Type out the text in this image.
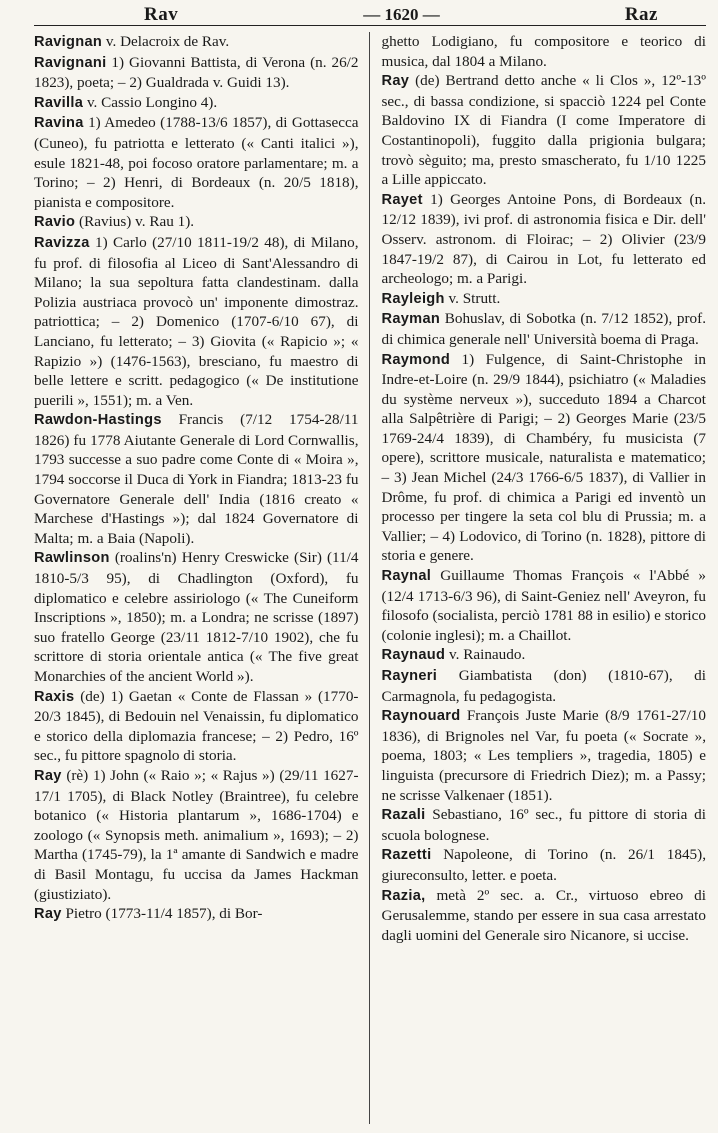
Rav	— 1620 —	Raz

Ravignan v. Delacroix de Rav.

Ravignani 1) Giovanni Battista, di Verona (n. 26/2 1823), poeta; – 2) Gualdrada v. Guidi 13).

Ravilla v. Cassio Longino 4).

Ravina 1) Amedeo (1788-13/6 1857), di Gottasecca (Cuneo), fu patriotta e letterato (« Canti italici »), esule 1821-48, poi focoso oratore parlamentare; m. a Torino; – 2) Henri, di Bordeaux (n. 20/5 1818), pianista e compositore.

Ravio (Ravius) v. Rau 1).

Ravizza 1) Carlo (27/10 1811-19/2 48), di Milano, fu prof. di filosofia al Liceo di Sant'Alessandro di Milano; la sua sepoltura fatta clandestinam. dalla Polizia austriaca provocò un' imponente dimostraz. patriottica; – 2) Domenico (1707-6/10 67), di Lanciano, fu letterato; – 3) Giovita (« Rapicio »; « Rapizio ») (1476-1563), bresciano, fu maestro di belle lettere e scritt. pedagogico (« De institutione puerili », 1551); m. a Ven.

Rawdon-Hastings Francis (7/12 1754-28/11 1826) fu 1778 Aiutante Generale di Lord Cornwallis, 1793 successe a suo padre come Conte di « Moira », 1794 soccorse il Duca di York in Fiandra; 1813-23 fu Governatore Generale dell' India (1816 creato « Marchese d'Hastings »); dal 1824 Governatore di Malta; m. a Baia (Napoli).

Rawlinson (roalins'n) Henry Creswicke (Sir) (11/4 1810-5/3 95), di Chadlington (Oxford), fu diplomatico e celebre assiriologo (« The Cuneiform Inscriptions », 1850); m. a Londra; ne scrisse (1897) suo fratello George (23/11 1812-7/10 1902), che fu scrittore di storia orientale antica (« The five great Monarchies of the ancient World »).

Raxis (de) 1) Gaetan « Conte de Flassan » (1770-20/3 1845), di Bedouin nel Venaissin, fu diplomatico e storico della diplomazia francese; – 2) Pedro, 16º sec., fu pittore spagnolo di storia.

Ray (rè) 1) John (« Raio »; « Rajus ») (29/11 1627-17/1 1705), di Black Notley (Braintree), fu celebre botanico (« Historia plantarum », 1686-1704) e zoologo (« Synopsis meth. animalium », 1693); – 2) Martha (1745-79), la 1ª amante di Sandwich e madre di Basil Montagu, fu uccisa da James Hackman (giustiziato).

Ray Pietro (1773-11/4 1857), di Bor-

ghetto Lodigiano, fu compositore e teorico di musica, dal 1804 a Milano.

Ray (de) Bertrand detto anche « li Clos », 12º-13º sec., di bassa condizione, si spacciò 1224 pel Conte Baldovino IX di Fiandra (I come Imperatore di Costantinopoli), fuggito dalla prigionia bulgara; trovò sèguito; ma, presto smascherato, fu 1/10 1225 a Lille appiccato.

Rayet 1) Georges Antoine Pons, di Bordeaux (n. 12/12 1839), ivi prof. di astronomia fisica e Dir. dell' Osserv. astronom. di Floirac; – 2) Olivier (23/9 1847-19/2 87), di Cairou in Lot, fu letterato ed archeologo; m. a Parigi.

Rayleigh v. Strutt.

Rayman Bohuslav, di Sobotka (n. 7/12 1852), prof. di chimica generale nell' Università boema di Praga.

Raymond 1) Fulgence, di Saint-Christophe in Indre-et-Loire (n. 29/9 1844), psichiatro (« Maladies du système nerveux »), succeduto 1894 a Charcot alla Salpêtrière di Parigi; – 2) Georges Marie (23/5 1769-24/4 1839), di Chambéry, fu musicista (7 opere), scrittore musicale, naturalista e matematico; – 3) Jean Michel (24/3 1766-6/5 1837), di Vallier in Drôme, fu prof. di chimica a Parigi ed inventò un processo per tingere la seta col blu di Prussia; m. a Vallier; – 4) Lodovico, di Torino (n. 1828), pittore di storia e genere.

Raynal Guillaume Thomas François « l'Abbé » (12/4 1713-6/3 96), di Saint-Geniez nell' Aveyron, fu filosofo (socialista, perciò 1781 88 in esilio) e storico (colonie inglesi); m. a Chaillot.

Raynaud v. Rainaudo.

Rayneri Giambatista (don) (1810-67), di Carmagnola, fu pedagogista.

Raynouard François Juste Marie (8/9 1761-27/10 1836), di Brignoles nel Var, fu poeta (« Socrate », poema, 1803; « Les templiers », tragedia, 1805) e linguista (precursore di Friedrich Diez); m. a Passy; ne scrisse Valkenaer (1851).

Razali Sebastiano, 16º sec., fu pittore di storia di scuola bolognese.

Razetti Napoleone, di Torino (n. 26/1 1845), giureconsulto, letter. e poeta.

Razia, metà 2º sec. a. Cr., virtuoso ebreo di Gerusalemme, stando per essere in sua casa arrestato dagli uomini del Generale siro Nicanore, si uccise.
